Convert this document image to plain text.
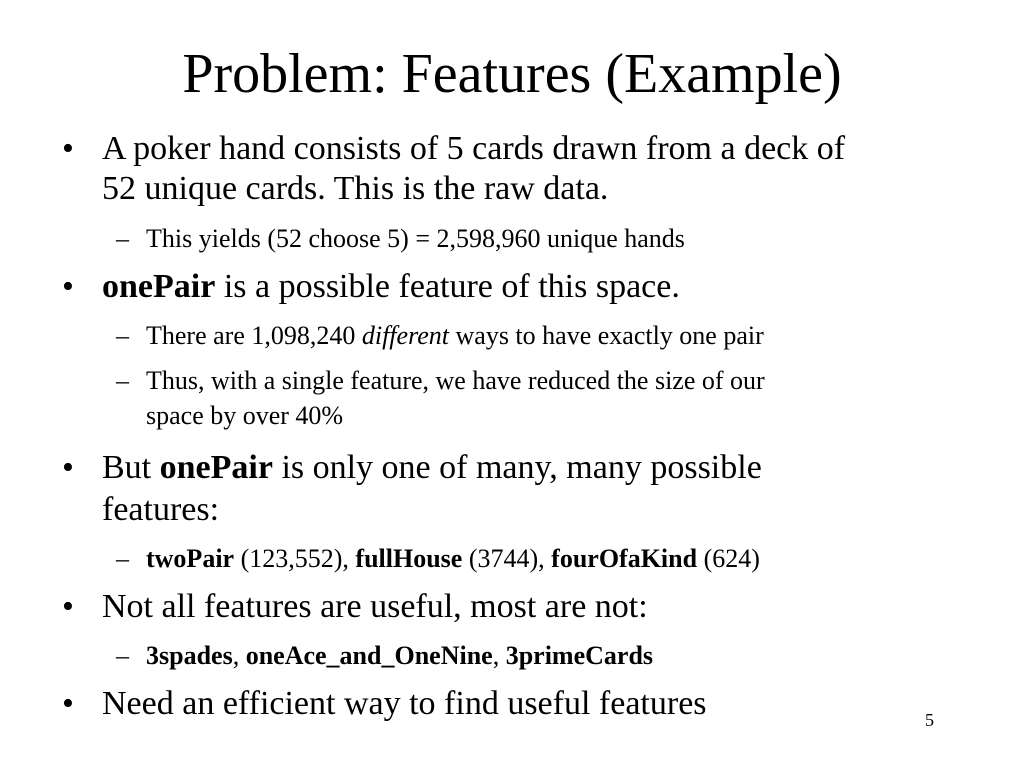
Problem: Features (Example)
• A poker hand consists of 5 cards drawn from a deck of
52 unique cards. This is the raw data.
– This yields (52 choose 5) = 2,598,960 unique hands
• onePair is a possible feature of this space.
– There are 1,098,240 different ways to have exactly one pair
– Thus, with a single feature, we have reduced the size of our
space by over 40%
• But onePair is only one of many, many possible
features:
– twoPair (123,552), fullHouse (3744), fourOfaKind (624)
• Not all features are useful, most are not:
– 3spades, oneAce_and_OneNine, 3primeCards
• Need an efficient way to find useful features	5
